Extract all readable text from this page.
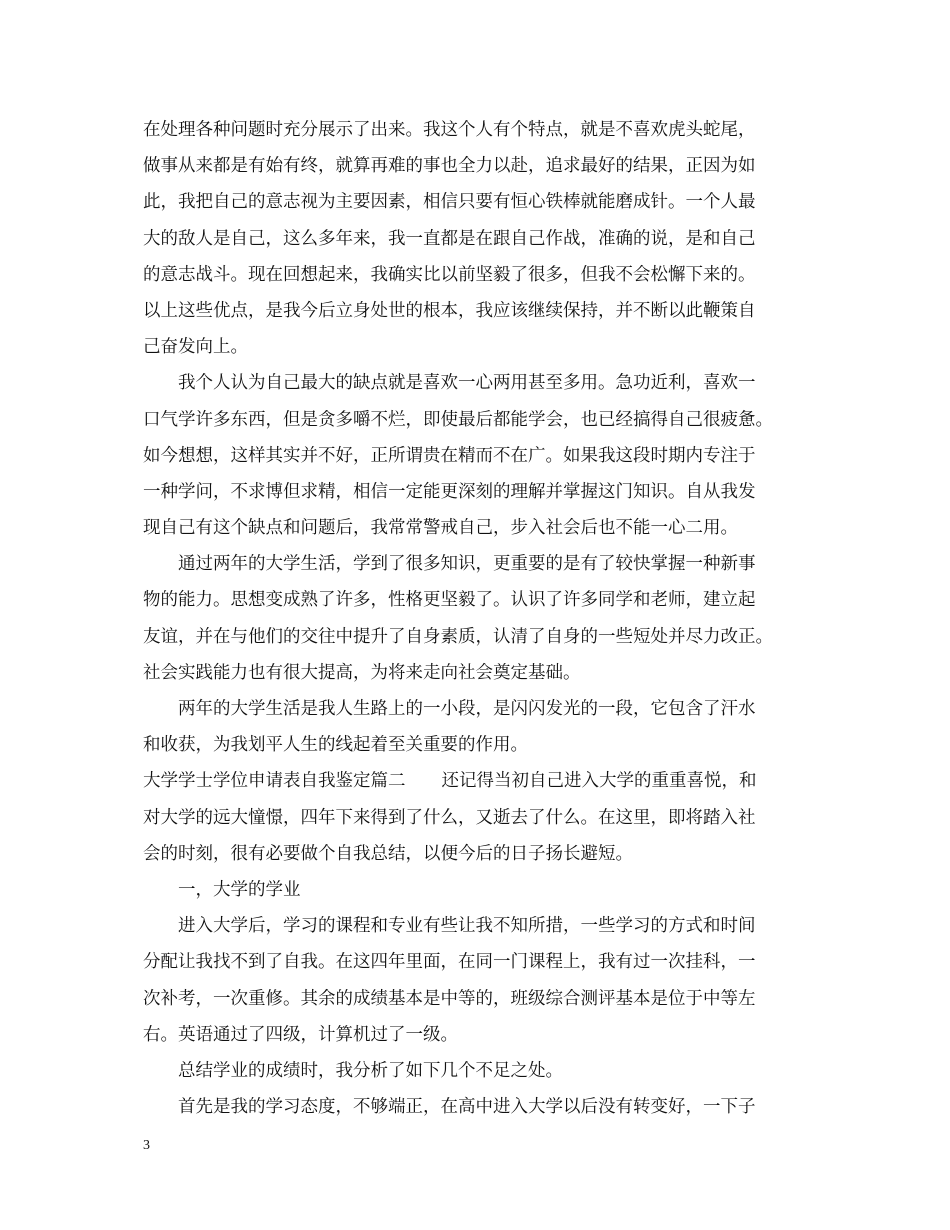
在处理各种问题时充分展示了出来。我这个人有个特点，就是不喜欢虎头蛇尾，
做事从来都是有始有终，就算再难的事也全力以赴，追求最好的结果，正因为如
此，我把自己的意志视为主要因素，相信只要有恒心铁棒就能磨成针。一个人最
大的敌人是自己，这么多年来，我一直都是在跟自己作战，准确的说，是和自己
的意志战斗。现在回想起来，我确实比以前坚毅了很多，但我不会松懈下来的。
以上这些优点，是我今后立身处世的根本，我应该继续保持，并不断以此鞭策自
己奋发向上。
我个人认为自己最大的缺点就是喜欢一心两用甚至多用。急功近利，喜欢一
口气学许多东西，但是贪多嚼不烂，即使最后都能学会，也已经搞得自己很疲惫。
如今想想，这样其实并不好，正所谓贵在精而不在广。如果我这段时期内专注于
一种学问，不求博但求精，相信一定能更深刻的理解并掌握这门知识。自从我发
现自己有这个缺点和问题后，我常常警戒自己，步入社会后也不能一心二用。
通过两年的大学生活，学到了很多知识，更重要的是有了较快掌握一种新事
物的能力。思想变成熟了许多，性格更坚毅了。认识了许多同学和老师，建立起
友谊，并在与他们的交往中提升了自身素质，认清了自身的一些短处并尽力改正。
社会实践能力也有很大提高，为将来走向社会奠定基础。
两年的大学生活是我人生路上的一小段，是闪闪发光的一段，它包含了汗水
和收获，为我划平人生的线起着至关重要的作用。
大学学士学位申请表自我鉴定篇二 还记得当初自己进入大学的重重喜悦，和
对大学的远大憧憬，四年下来得到了什么，又逝去了什么。在这里，即将踏入社
会的时刻，很有必要做个自我总结，以便今后的日子扬长避短。
一，大学的学业
进入大学后，学习的课程和专业有些让我不知所措，一些学习的方式和时间
分配让我找不到了自我。在这四年里面，在同一门课程上，我有过一次挂科，一
次补考，一次重修。其余的成绩基本是中等的，班级综合测评基本是位于中等左
右。英语通过了四级，计算机过了一级。
总结学业的成绩时，我分析了如下几个不足之处。
首先是我的学习态度，不够端正，在高中进入大学以后没有转变好，一下子
3
